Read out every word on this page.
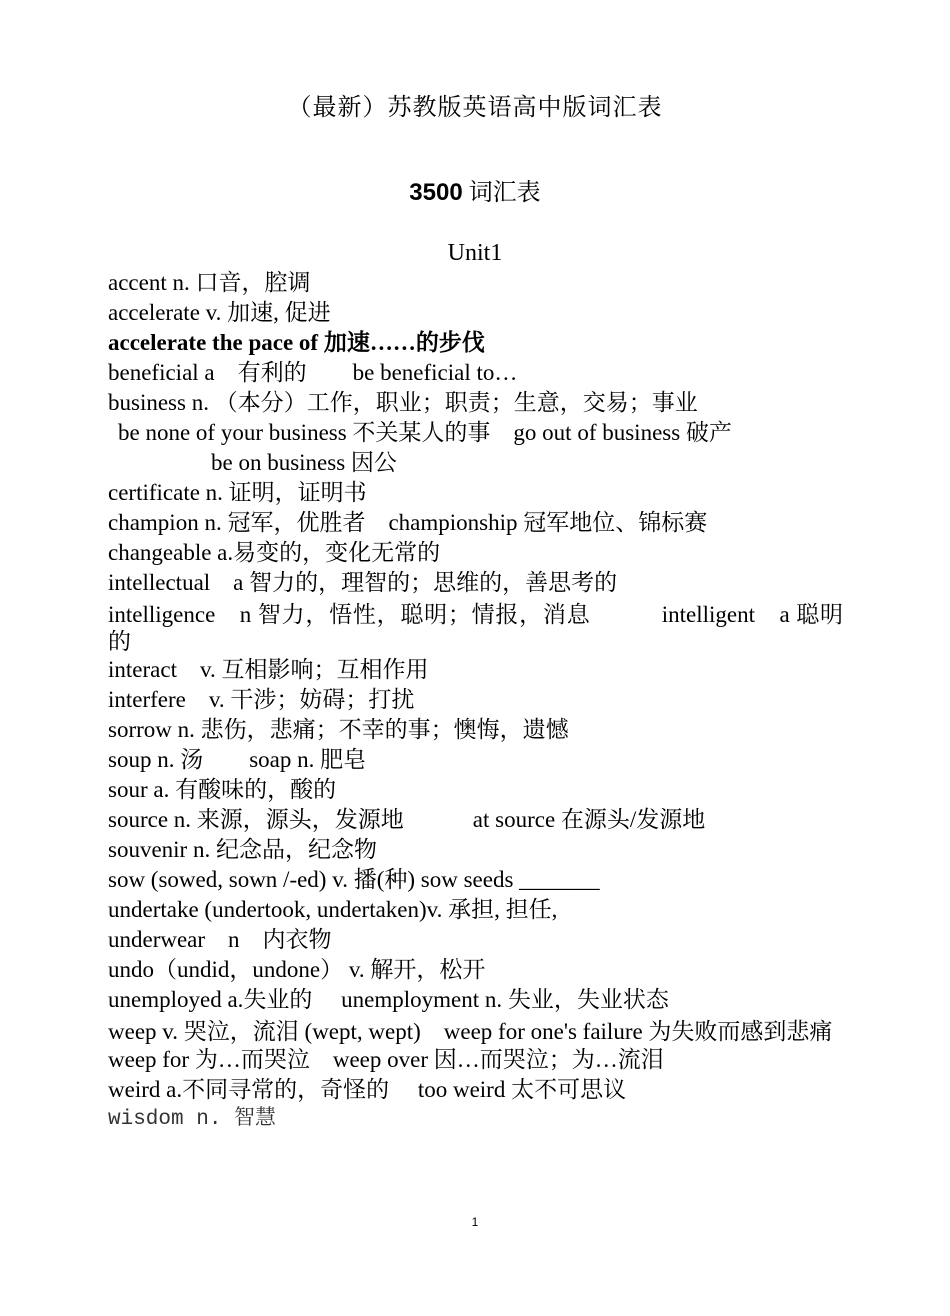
（最新）苏教版英语高中版词汇表
3500 词汇表
Unit1
accent n. 口音，腔调
accelerate v. 加速, 促进
accelerate the pace of 加速……的步伐
beneficial a　有利的　　be beneficial to…
business n. （本分）工作，职业；职责；生意，交易；事业
be none of your business 不关某人的事　go out of business 破产
be on business 因公
certificate n. 证明，证明书
champion n. 冠军，优胜者　championship 冠军地位、锦标赛
changeable a.易变的，变化无常的
intellectual　a 智力的，理智的；思维的，善思考的
intelligence　n 智力，悟性，聪明；情报，消息　　　intelligent　a 聪明的
interact　v. 互相影响；互相作用
interfere　v. 干涉；妨碍；打扰
sorrow n. 悲伤，悲痛；不幸的事；懊悔，遗憾
soup n. 汤　　soap n. 肥皂
sour a. 有酸味的，酸的
source n. 来源，源头，发源地　　　at source 在源头/发源地
souvenir n. 纪念品，纪念物
sow (sowed, sown /-ed) v. 播(种) sow seeds _______
undertake (undertook, undertaken)v. 承担, 担任,
underwear　n　内衣物
undo（undid，undone） v. 解开，松开
unemployed a.失业的　 unemployment n. 失业，失业状态
weep v. 哭泣，流泪 (wept, wept)　weep for one's failure 为失败而感到悲痛
weep for 为…而哭泣　weep over 因…而哭泣；为…流泪
weird a.不同寻常的，奇怪的　 too weird 太不可思议
wisdom n. 智慧
1
